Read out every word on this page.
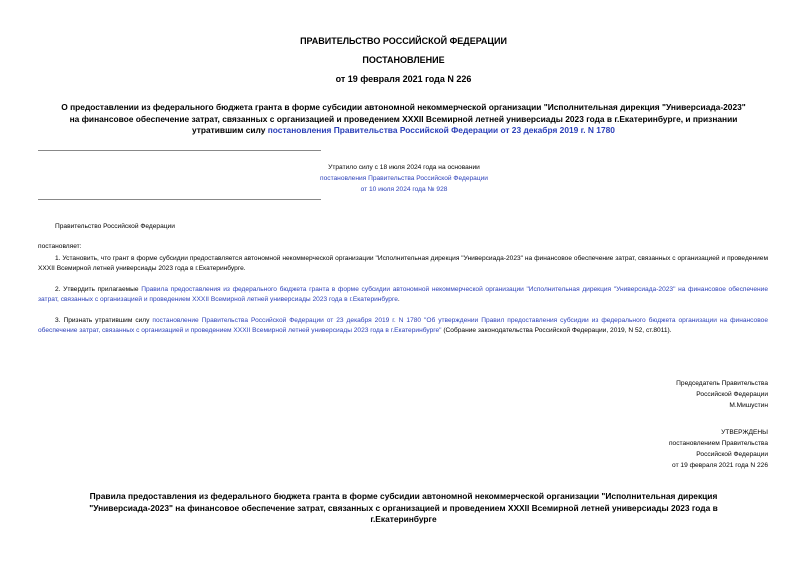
ПРАВИТЕЛЬСТВО РОССИЙСКОЙ ФЕДЕРАЦИИ
ПОСТАНОВЛЕНИЕ
от 19 февраля 2021 года N 226
О предоставлении из федерального бюджета гранта в форме субсидии автономной некоммерческой организации "Исполнительная дирекция "Универсиада-2023"
на финансовое обеспечение затрат, связанных с организацией и проведением XXXII Всемирной летней универсиады 2023 года в г.Екатеринбурге, и признании
утратившим силу постановления Правительства Российской Федерации от 23 декабря 2019 г. N 1780
Утратило силу с 18 июля 2024 года на основании
постановления Правительства Российской Федерации
от 10 июля 2024 года № 928
Правительство Российской Федерации
постановляет:
1. Установить, что грант в форме субсидии предоставляется автономной некоммерческой организации "Исполнительная дирекция "Универсиада-2023" на финансовое обеспечение затрат, связанных с организацией и проведением XXXII Всемирной летней универсиады 2023 года в г.Екатеринбурге.
2. Утвердить прилагаемые Правила предоставления из федерального бюджета гранта в форме субсидии автономной некоммерческой организации "Исполнительная дирекция "Универсиада-2023" на финансовое обеспечение затрат, связанных с организацией и проведением XXXII Всемирной летней универсиады 2023 года в г.Екатеринбурге.
3. Признать утратившим силу постановление Правительства Российской Федерации от 23 декабря 2019 г. N 1780 "Об утверждении Правил предоставления субсидии из федерального бюджета организации на финансовое обеспечение затрат, связанных с организацией и проведением XXXII Всемирной летней универсиады 2023 года в г.Екатеринбурге" (Собрание законодательства Российской Федерации, 2019, N 52, ст.8011).
Председатель Правительства
Российской Федерации
М.Мишустин
УТВЕРЖДЕНЫ
постановлением Правительства
Российской Федерации
от 19 февраля 2021 года N 226
Правила предоставления из федерального бюджета гранта в форме субсидии автономной некоммерческой организации "Исполнительная дирекция
"Универсиада-2023" на финансовое обеспечение затрат, связанных с организацией и проведением XXXII Всемирной летней универсиады 2023 года в
г.Екатеринбурге
